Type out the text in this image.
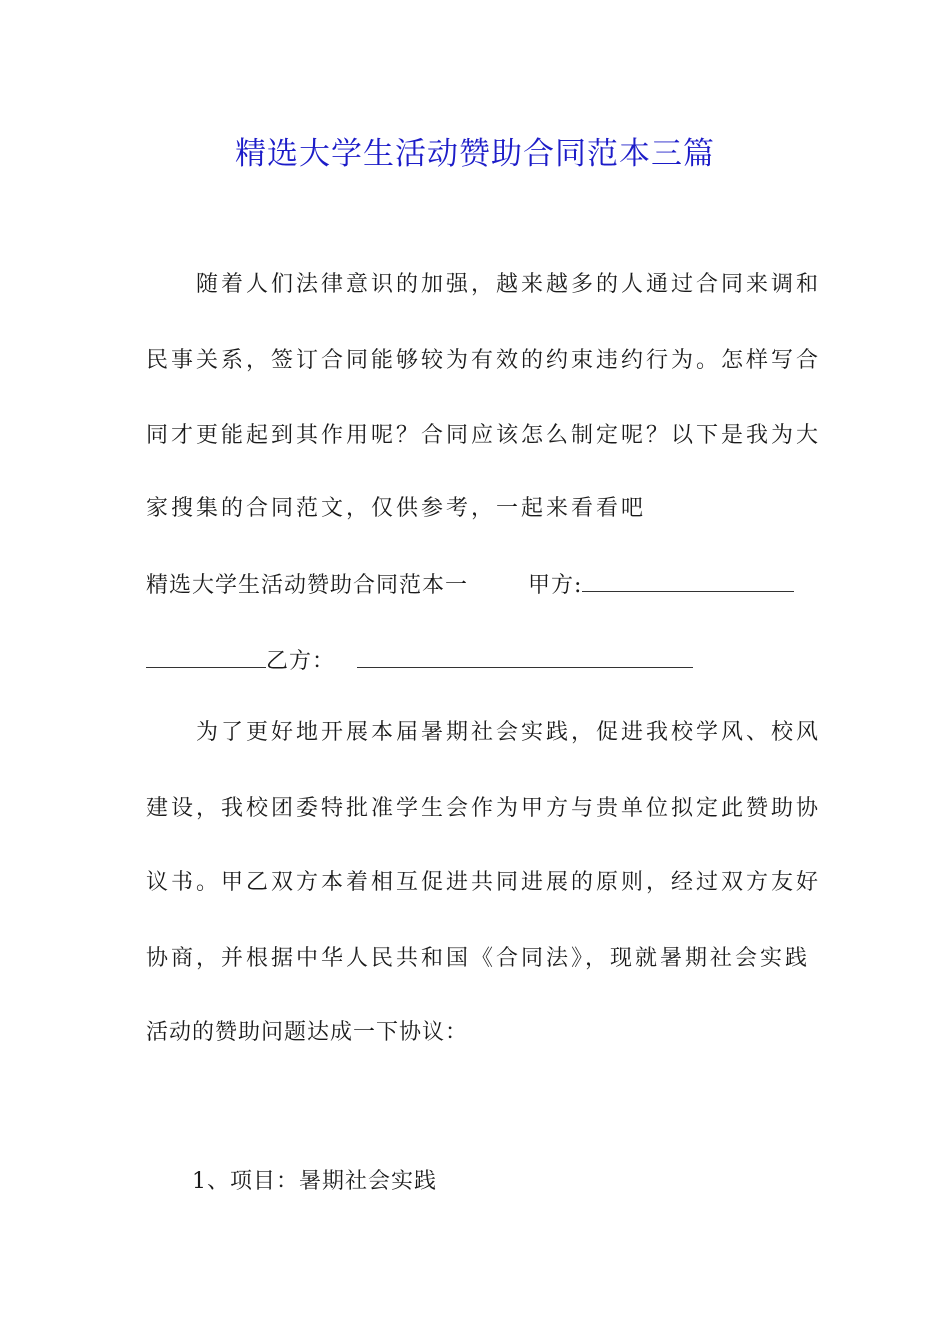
精选大学生活动赞助合同范本三篇
随着人们法律意识的加强，越来越多的人通过合同来调和
民事关系，签订合同能够较为有效的约束违约行为。怎样写合
同才更能起到其作用呢？合同应该怎么制定呢？以下是我为大
家搜集的合同范文，仅供参考，一起来看看吧
精选大学生活动赞助合同范本一	甲方:
乙方：
为了更好地开展本届暑期社会实践，促进我校学风、校风
建设，我校团委特批准学生会作为甲方与贵单位拟定此赞助协
议书。甲乙双方本着相互促进共同进展的原则，经过双方友好
协商，并根据中华人民共和国《合同法》，现就暑期社会实践
活动的赞助问题达成一下协议：
1、项目：暑期社会实践
